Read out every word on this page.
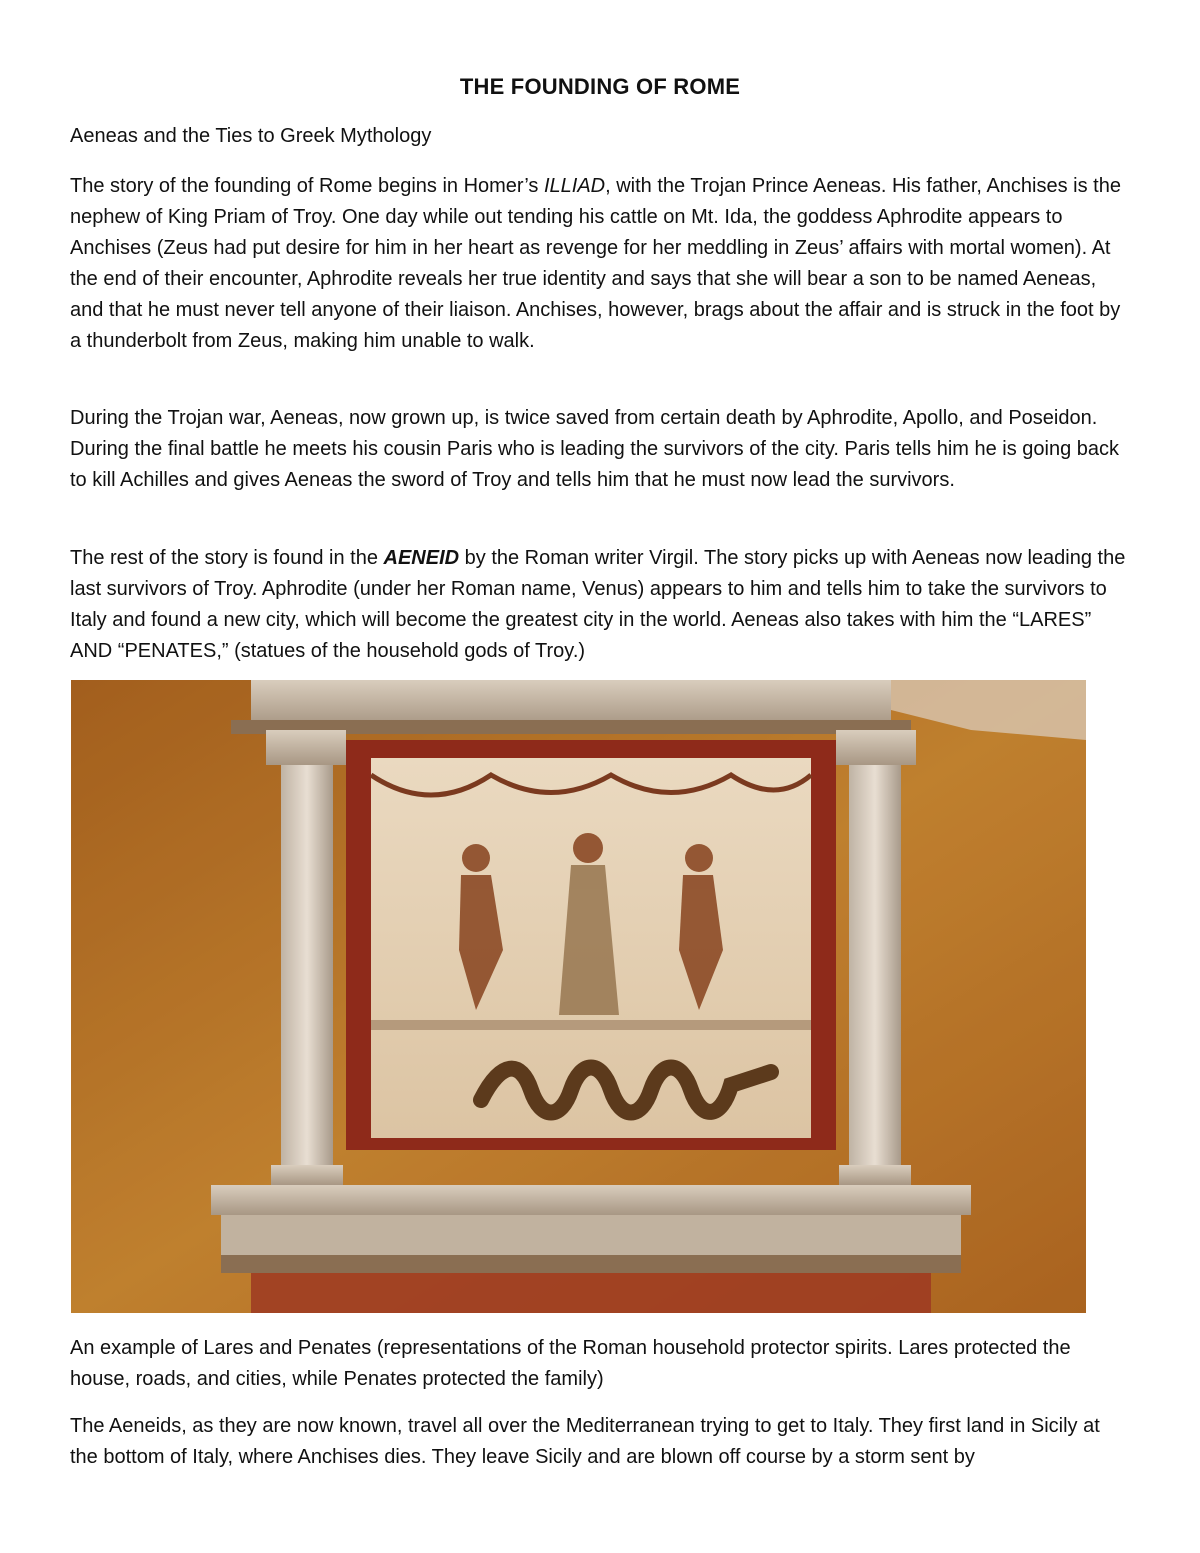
THE FOUNDING OF ROME

Aeneas and the Ties to Greek Mythology

The story of the founding of Rome begins in Homer’s ILLIAD, with the Trojan Prince Aeneas. His father, Anchises is the nephew of King Priam of Troy. One day while out tending his cattle on Mt. Ida, the goddess Aphrodite appears to Anchises (Zeus had put desire for him in her heart as revenge for her meddling in Zeus’ affairs with mortal women). At the end of their encounter, Aphrodite reveals her true identity and says that she will bear a son to be named Aeneas, and that he must never tell anyone of their liaison. Anchises, however, brags about the affair and is struck in the foot by a thunderbolt from Zeus, making him unable to walk.

During the Trojan war, Aeneas, now grown up, is twice saved from certain death by Aphrodite, Apollo, and Poseidon. During the final battle he meets his cousin Paris who is leading the survivors of the city. Paris tells him he is going back to kill Achilles and gives Aeneas the sword of Troy and tells him that he must now lead the survivors.

The rest of the story is found in the AENEID by the Roman writer Virgil. The story picks up with Aeneas now leading the last survivors of Troy. Aphrodite (under her Roman name, Venus) appears to him and tells him to take the survivors to Italy and found a new city, which will become the greatest city in the world. Aeneas also takes with him the “LARES” AND “PENATES,” (statues of the household gods of Troy.)

An example of Lares and Penates (representations of the Roman household protector spirits. Lares protected the house, roads, and cities, while Penates protected the family)

The Aeneids, as they are now known, travel all over the Mediterranean trying to get to Italy. They first land in Sicily at the bottom of Italy, where Anchises dies. They leave Sicily and are blown off course by a storm sent by
